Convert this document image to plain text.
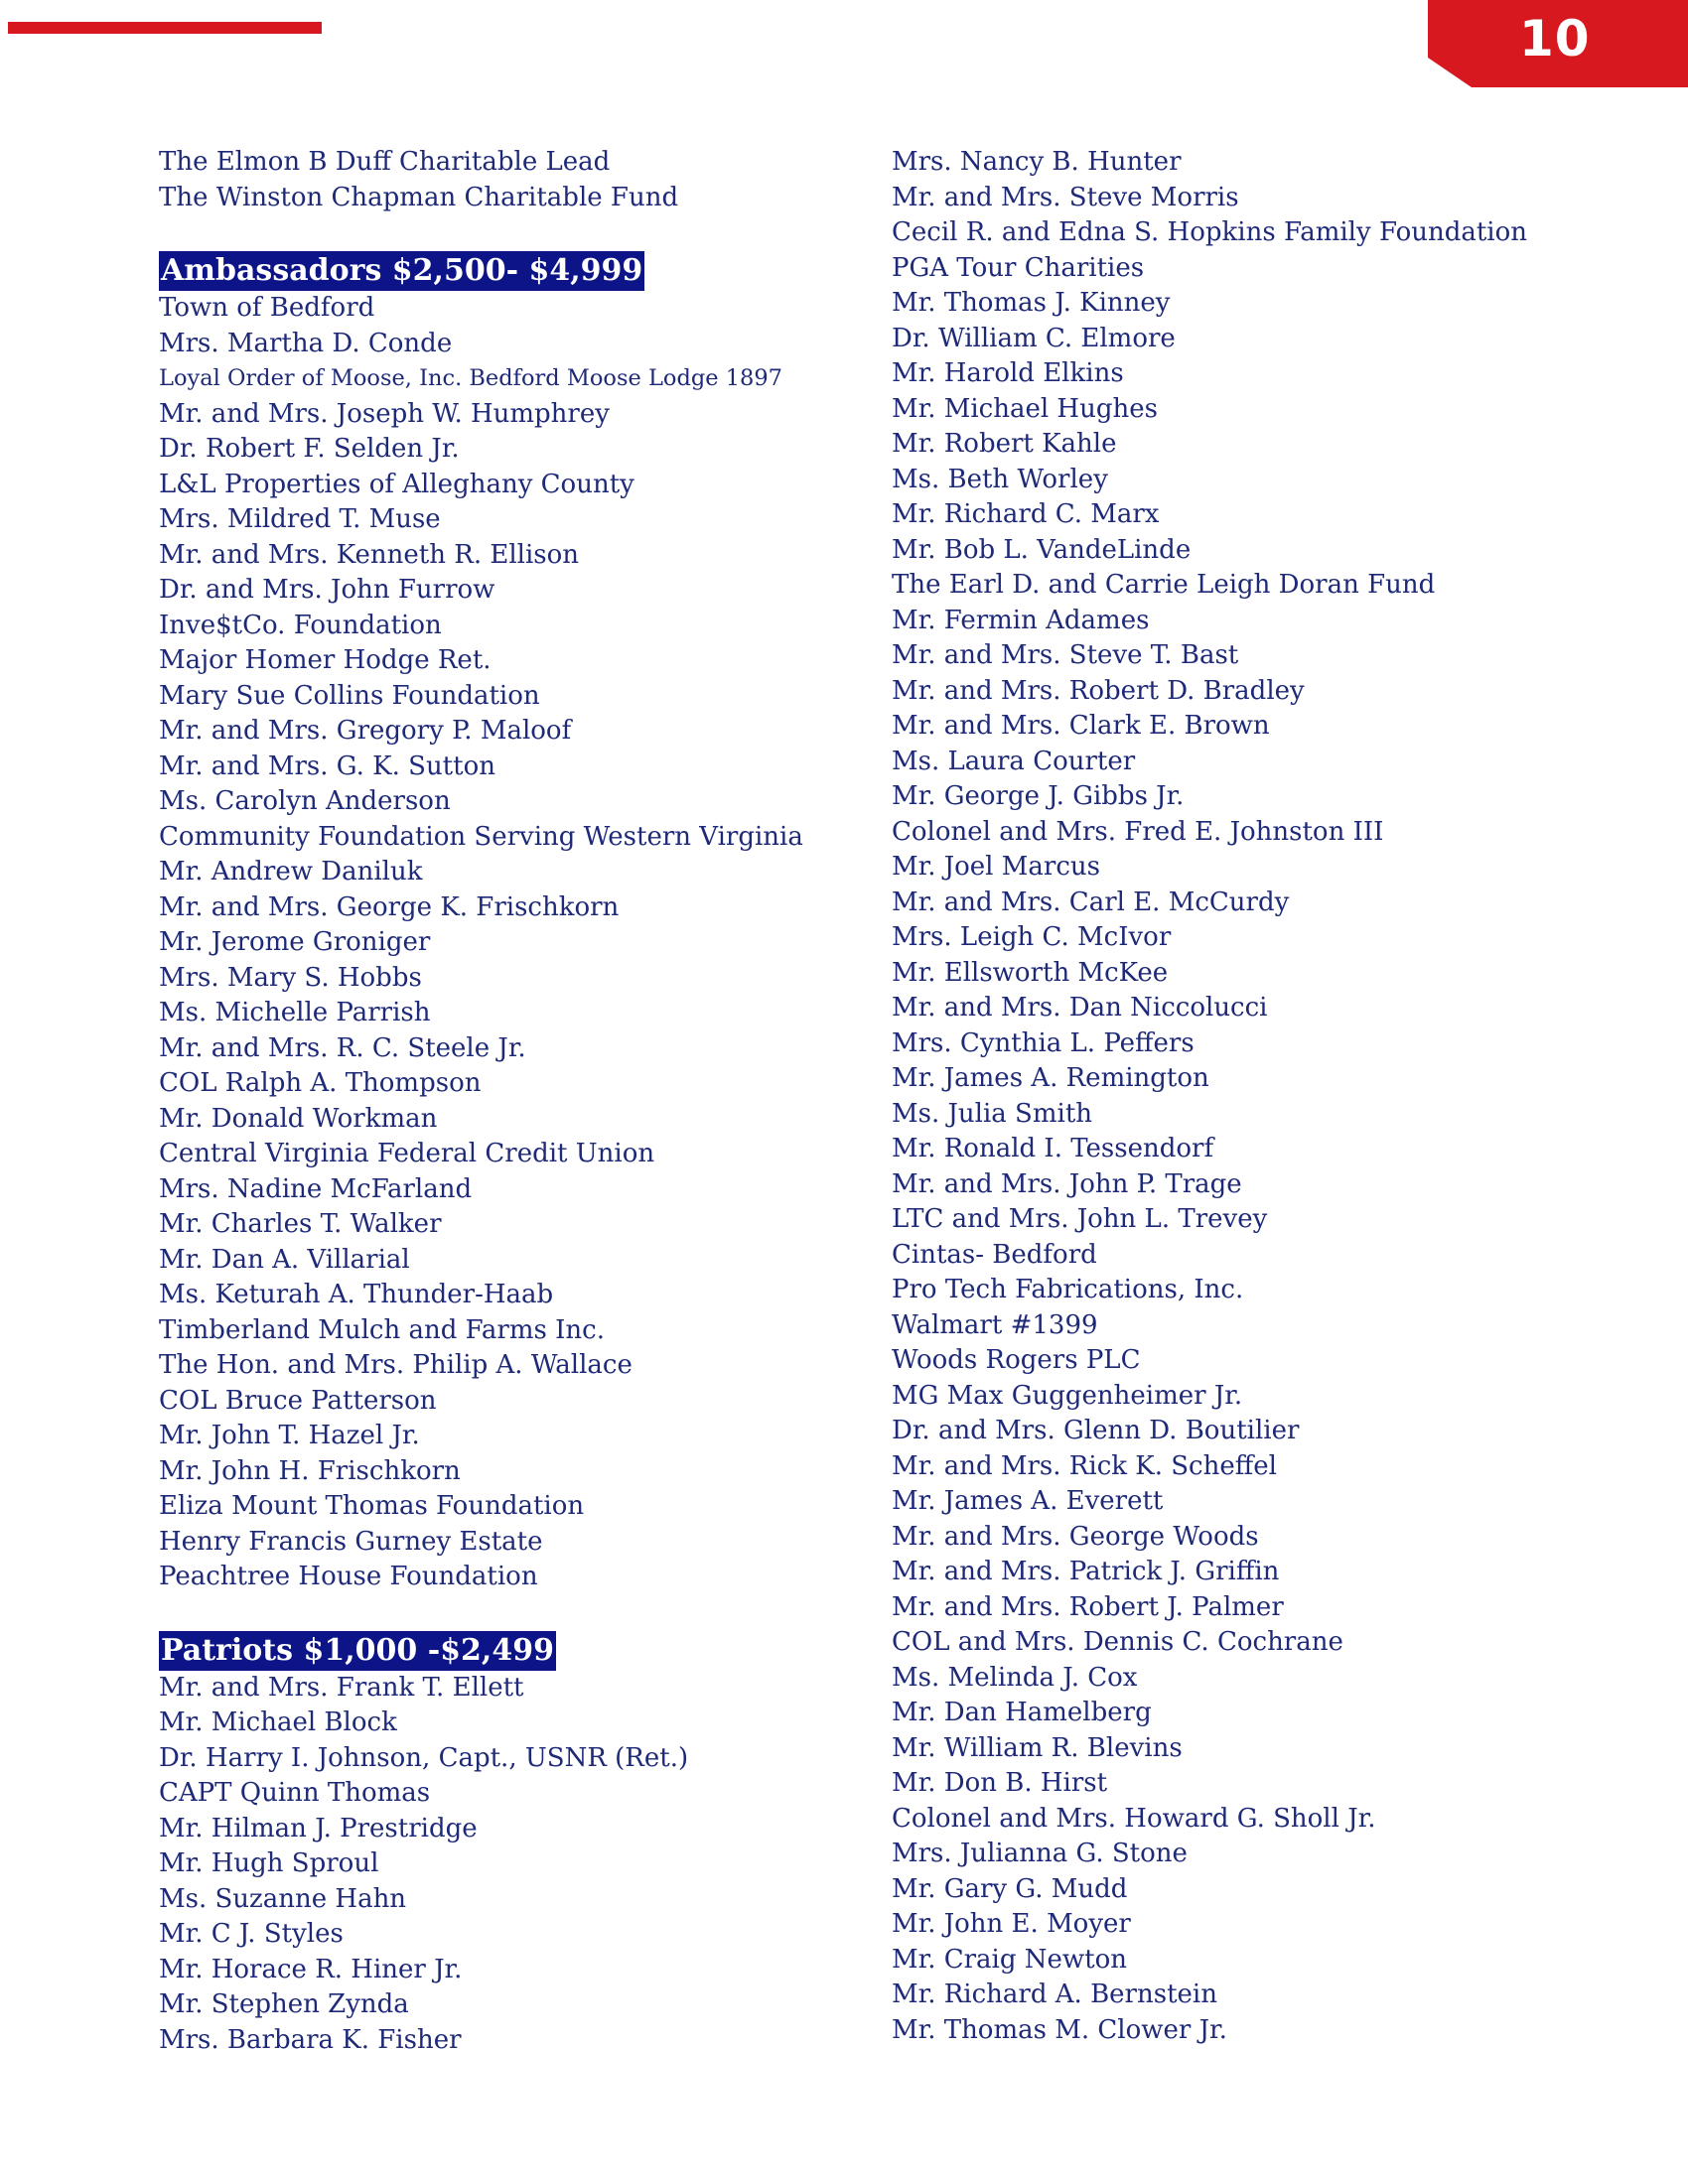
10
The Elmon B Duff Charitable Lead
The Winston Chapman Charitable Fund
Ambassadors $2,500- $4,999
Town of Bedford
Mrs. Martha D. Conde
Loyal Order of Moose, Inc. Bedford Moose Lodge 1897
Mr. and Mrs. Joseph W. Humphrey
Dr. Robert F. Selden Jr.
L&L Properties of Alleghany County
Mrs. Mildred T. Muse
Mr. and Mrs. Kenneth R. Ellison
Dr. and Mrs. John Furrow
Inve$tCo. Foundation
Major Homer Hodge Ret.
Mary Sue Collins Foundation
Mr. and Mrs. Gregory P. Maloof
Mr. and Mrs. G. K. Sutton
Ms. Carolyn Anderson
Community Foundation Serving Western Virginia
Mr. Andrew Daniluk
Mr. and Mrs. George K. Frischkorn
Mr. Jerome Groniger
Mrs. Mary S. Hobbs
Ms. Michelle Parrish
Mr. and Mrs. R. C. Steele Jr.
COL Ralph A. Thompson
Mr. Donald Workman
Central Virginia Federal Credit Union
Mrs. Nadine McFarland
Mr. Charles T. Walker
Mr. Dan A. Villarial
Ms. Keturah A. Thunder-Haab
Timberland Mulch and Farms Inc.
The Hon. and Mrs. Philip A. Wallace
COL Bruce Patterson
Mr. John T. Hazel Jr.
Mr. John H. Frischkorn
Eliza Mount Thomas Foundation
Henry Francis Gurney Estate
Peachtree House Foundation
Patriots $1,000 -$2,499
Mr. and Mrs. Frank T. Ellett
Mr. Michael Block
Dr. Harry I. Johnson, Capt., USNR (Ret.)
CAPT Quinn Thomas
Mr. Hilman J. Prestridge
Mr. Hugh Sproul
Ms. Suzanne Hahn
Mr. C J. Styles
Mr. Horace R. Hiner Jr.
Mr. Stephen Zynda
Mrs. Barbara K. Fisher
Mrs. Nancy B. Hunter
Mr. and Mrs. Steve Morris
Cecil R. and Edna S. Hopkins Family Foundation
PGA Tour Charities
Mr. Thomas J. Kinney
Dr. William C. Elmore
Mr. Harold Elkins
Mr. Michael Hughes
Mr. Robert Kahle
Ms. Beth Worley
Mr. Richard C. Marx
Mr. Bob L. VandeLinde
The Earl D. and Carrie Leigh Doran Fund
Mr. Fermin Adames
Mr. and Mrs. Steve T. Bast
Mr. and Mrs. Robert D. Bradley
Mr. and Mrs. Clark E. Brown
Ms. Laura Courter
Mr. George J. Gibbs Jr.
Colonel and Mrs. Fred E. Johnston III
Mr. Joel Marcus
Mr. and Mrs. Carl E. McCurdy
Mrs. Leigh C. McIvor
Mr. Ellsworth McKee
Mr. and Mrs. Dan Niccolucci
Mrs. Cynthia L. Peffers
Mr. James A. Remington
Ms. Julia Smith
Mr. Ronald I. Tessendorf
Mr. and Mrs. John P. Trage
LTC and Mrs. John L. Trevey
Cintas- Bedford
Pro Tech Fabrications, Inc.
Walmart #1399
Woods Rogers PLC
MG Max Guggenheimer Jr.
Dr. and Mrs. Glenn D. Boutilier
Mr. and Mrs. Rick K. Scheffel
Mr. James A. Everett
Mr. and Mrs. George Woods
Mr. and Mrs. Patrick J. Griffin
Mr. and Mrs. Robert J. Palmer
COL and Mrs. Dennis C. Cochrane
Ms. Melinda J. Cox
Mr. Dan Hamelberg
Mr. William R. Blevins
Mr. Don B. Hirst
Colonel and Mrs. Howard G. Sholl Jr.
Mrs. Julianna G. Stone
Mr. Gary G. Mudd
Mr. John E. Moyer
Mr. Craig Newton
Mr. Richard A. Bernstein
Mr. Thomas M. Clower Jr.
